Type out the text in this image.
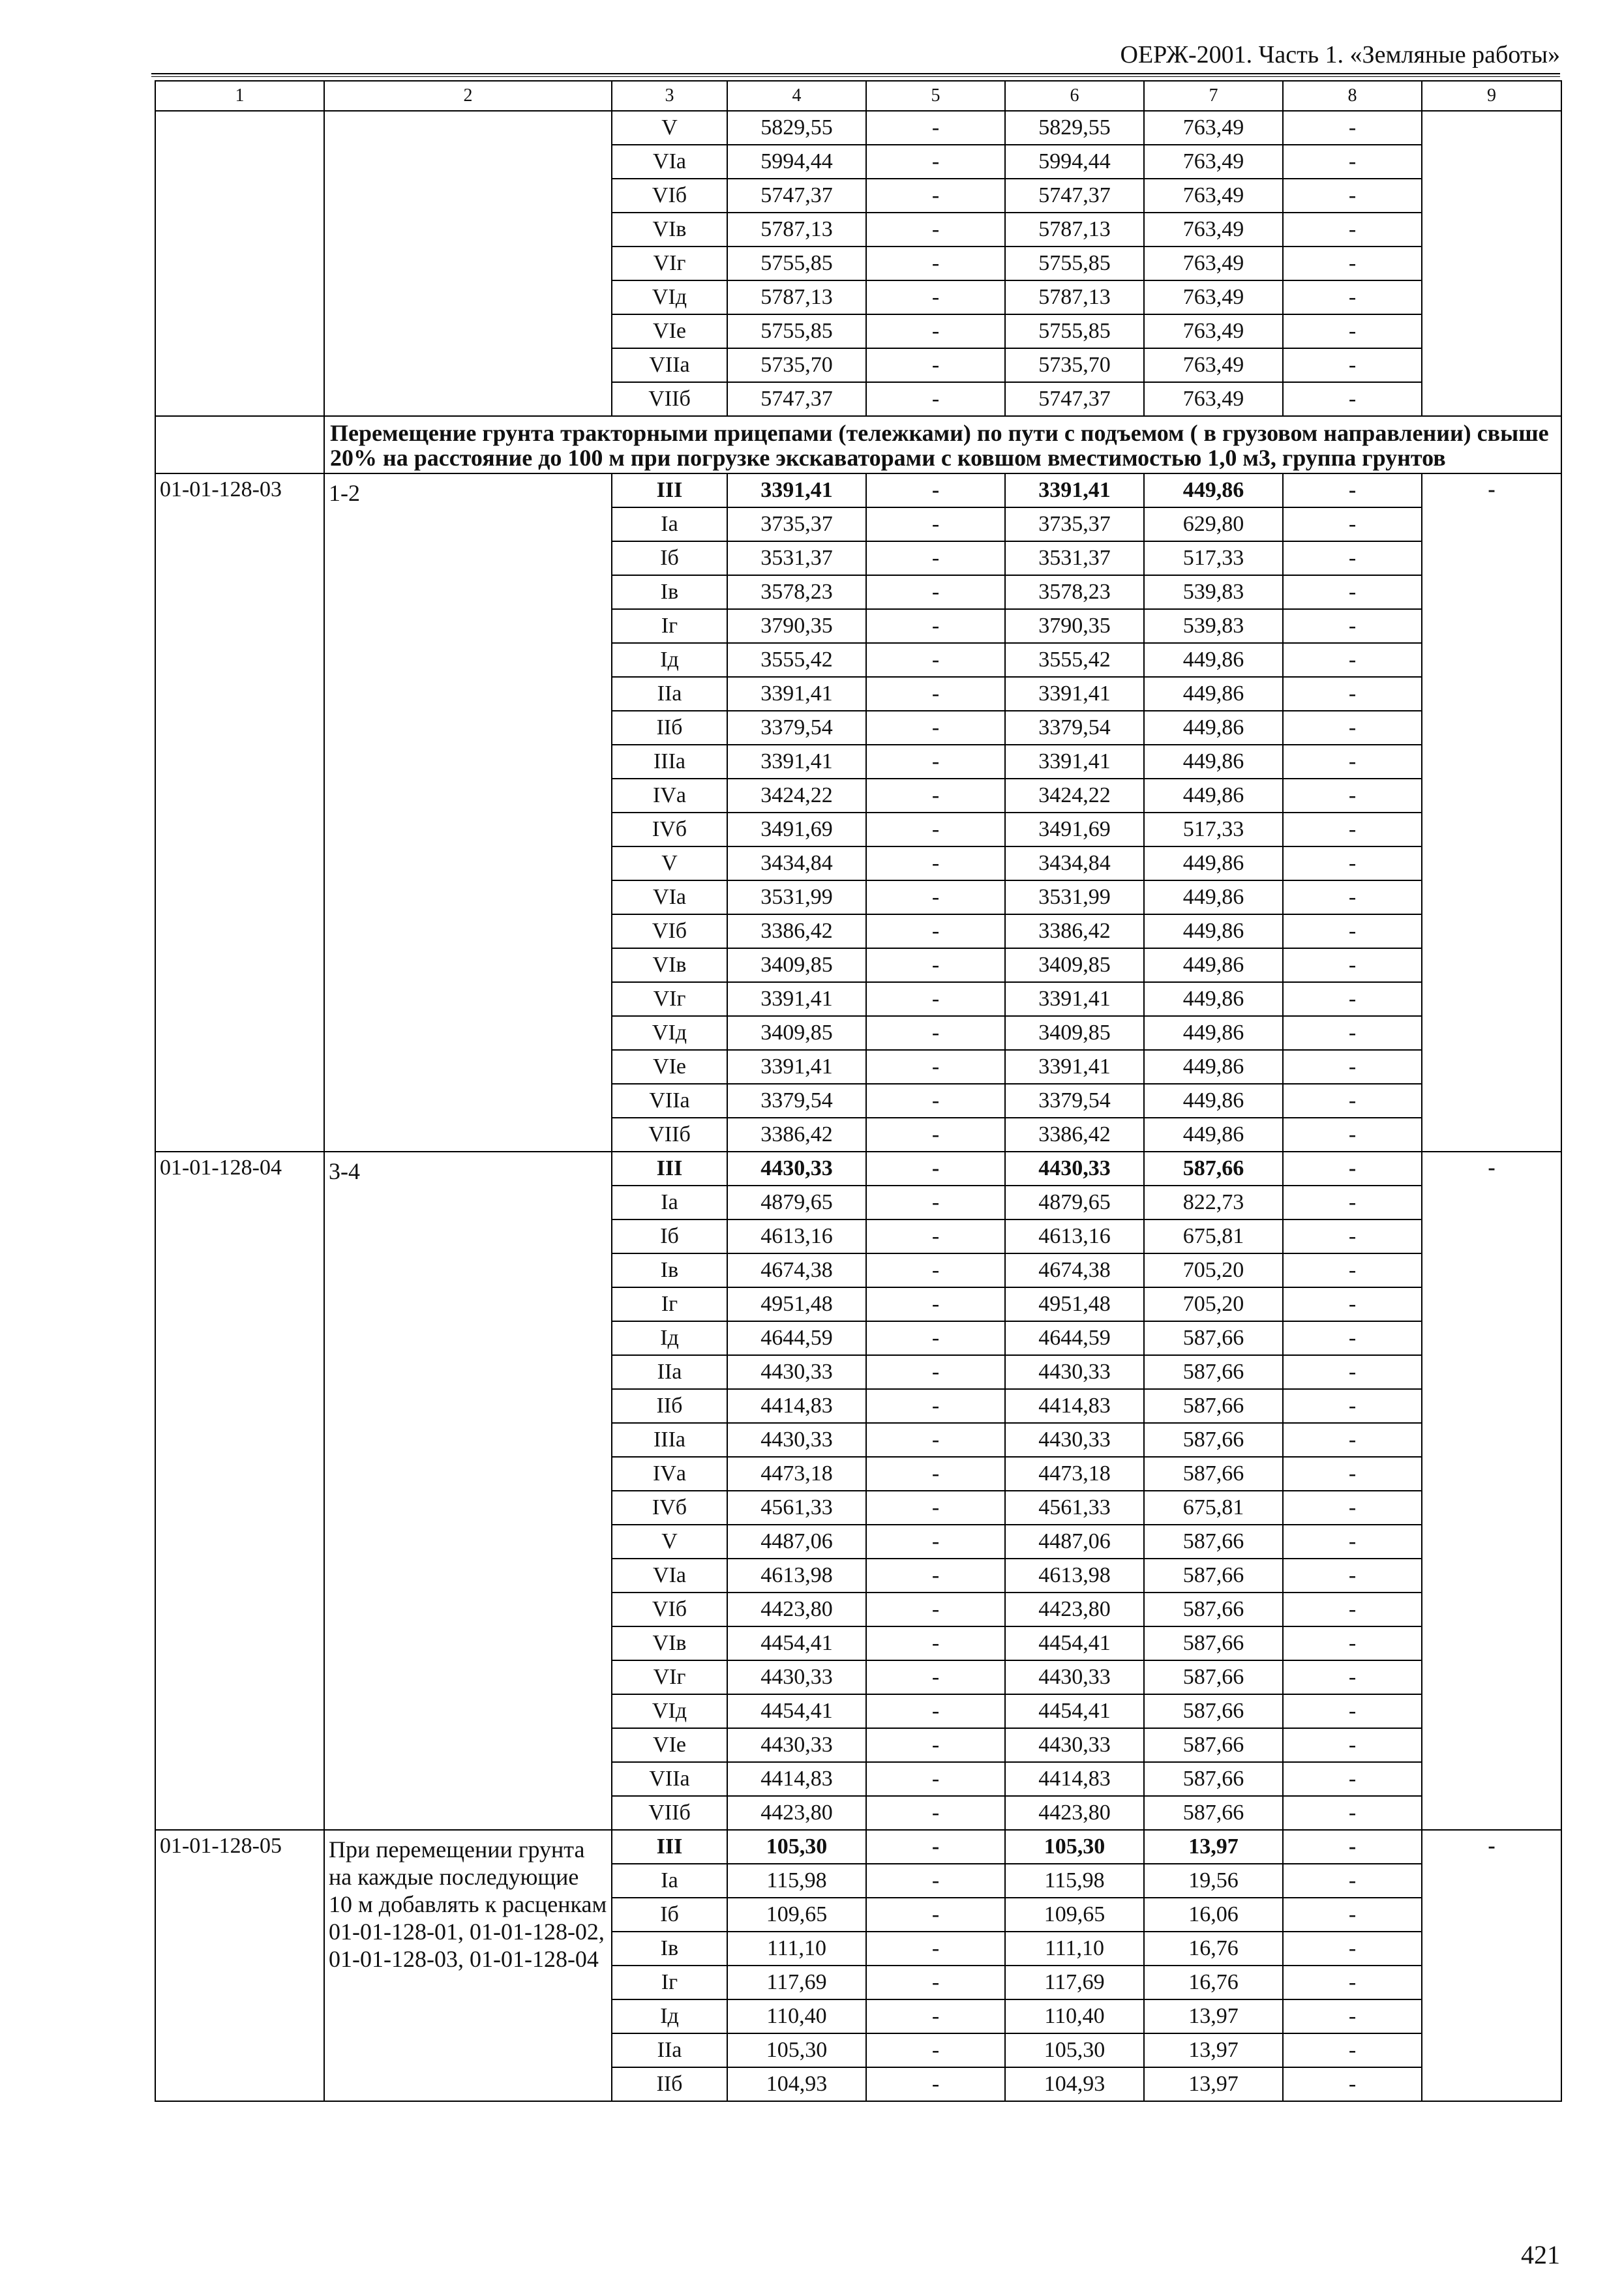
ОЕРЖ-2001. Часть 1. «Земляные работы»
1	2	3	4	5	6	7	8	9
		V	5829,55	-	5829,55	763,49	-	
		VIа	5994,44	-	5994,44	763,49	-	
		VIб	5747,37	-	5747,37	763,49	-	
		VIв	5787,13	-	5787,13	763,49	-	
		VIг	5755,85	-	5755,85	763,49	-	
		VIд	5787,13	-	5787,13	763,49	-	
		VIе	5755,85	-	5755,85	763,49	-	
		VIIа	5735,70	-	5735,70	763,49	-	
		VIIб	5747,37	-	5747,37	763,49	-	
	Перемещение грунта тракторными прицепами (тележками) по пути с подъемом ( в грузовом направлении) свыше 20% на расстояние до 100 м при погрузке экскаваторами с ковшом вместимостью 1,0 м3, группа грунтов							
01-01-128-03	1-2	III	3391,41	-	3391,41	449,86	-	-
		Iа	3735,37	-	3735,37	629,80	-	
		Iб	3531,37	-	3531,37	517,33	-	
		Iв	3578,23	-	3578,23	539,83	-	
		Iг	3790,35	-	3790,35	539,83	-	
		Iд	3555,42	-	3555,42	449,86	-	
		IIа	3391,41	-	3391,41	449,86	-	
		IIб	3379,54	-	3379,54	449,86	-	
		IIIа	3391,41	-	3391,41	449,86	-	
		IVа	3424,22	-	3424,22	449,86	-	
		IVб	3491,69	-	3491,69	517,33	-	
		V	3434,84	-	3434,84	449,86	-	
		VIа	3531,99	-	3531,99	449,86	-	
		VIб	3386,42	-	3386,42	449,86	-	
		VIв	3409,85	-	3409,85	449,86	-	
		VIг	3391,41	-	3391,41	449,86	-	
		VIд	3409,85	-	3409,85	449,86	-	
		VIе	3391,41	-	3391,41	449,86	-	
		VIIа	3379,54	-	3379,54	449,86	-	
		VIIб	3386,42	-	3386,42	449,86	-	
01-01-128-04	3-4	III	4430,33	-	4430,33	587,66	-	-
		Iа	4879,65	-	4879,65	822,73	-	
		Iб	4613,16	-	4613,16	675,81	-	
		Iв	4674,38	-	4674,38	705,20	-	
		Iг	4951,48	-	4951,48	705,20	-	
		Iд	4644,59	-	4644,59	587,66	-	
		IIа	4430,33	-	4430,33	587,66	-	
		IIб	4414,83	-	4414,83	587,66	-	
		IIIа	4430,33	-	4430,33	587,66	-	
		IVа	4473,18	-	4473,18	587,66	-	
		IVб	4561,33	-	4561,33	675,81	-	
		V	4487,06	-	4487,06	587,66	-	
		VIа	4613,98	-	4613,98	587,66	-	
		VIб	4423,80	-	4423,80	587,66	-	
		VIв	4454,41	-	4454,41	587,66	-	
		VIг	4430,33	-	4430,33	587,66	-	
		VIд	4454,41	-	4454,41	587,66	-	
		VIе	4430,33	-	4430,33	587,66	-	
		VIIа	4414,83	-	4414,83	587,66	-	
		VIIб	4423,80	-	4423,80	587,66	-	
01-01-128-05	При перемещении грунта на каждые последующие 10 м добавлять к расценкам 01-01-128-01, 01-01-128-02, 01-01-128-03, 01-01-128-04	III	105,30	-	105,30	13,97	-	-
		Iа	115,98	-	115,98	19,56	-	
		Iб	109,65	-	109,65	16,06	-	
		Iв	111,10	-	111,10	16,76	-	
		Iг	117,69	-	117,69	16,76	-	
		Iд	110,40	-	110,40	13,97	-	
		IIа	105,30	-	105,30	13,97	-	
		IIб	104,93	-	104,93	13,97	-	
421
